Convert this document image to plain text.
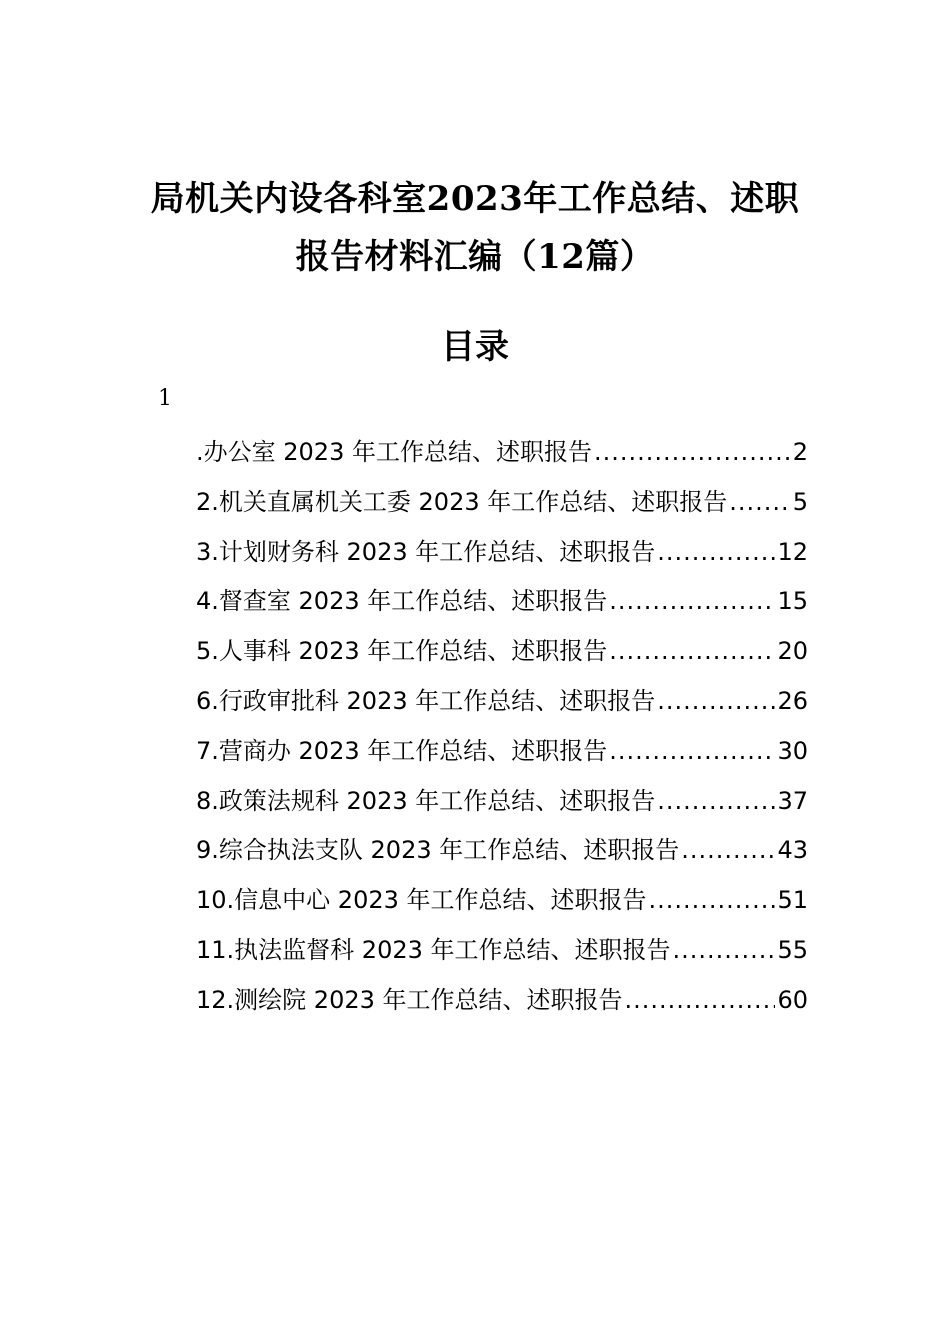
局机关内设各科室2023年工作总结、述职
报告材料汇编（12篇）
目录
1
.办公室 2023 年工作总结、述职报告 .....	2
2.机关直属机关工委 2023 年工作总结、述职报告 .....	5
3.计划财务科 2023 年工作总结、述职报告 .....	12
4.督查室 2023 年工作总结、述职报告 .....	15
5.人事科 2023 年工作总结、述职报告 .....	20
6.行政审批科 2023 年工作总结、述职报告 .....	26
7.营商办 2023 年工作总结、述职报告 .....	30
8.政策法规科 2023 年工作总结、述职报告 .....	37
9.综合执法支队 2023 年工作总结、述职报告 .....	43
10.信息中心 2023 年工作总结、述职报告 .....	51
11.执法监督科 2023 年工作总结、述职报告 .....	55
12.测绘院 2023 年工作总结、述职报告 .....	60
